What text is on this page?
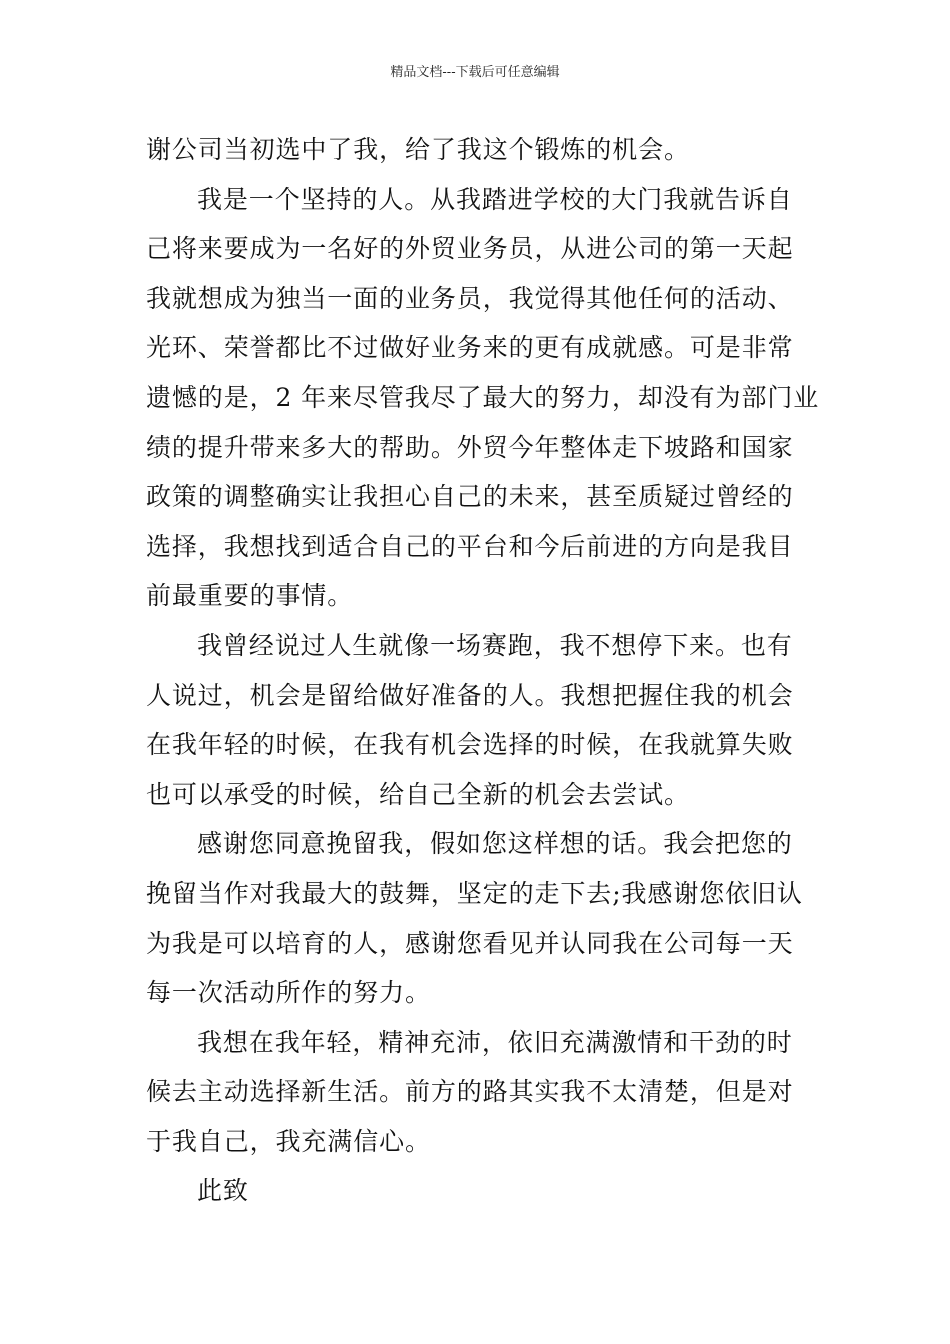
精品文档---下载后可任意编辑
谢公司当初选中了我，给了我这个锻炼的机会。
我是一个坚持的人。从我踏进学校的大门我就告诉自
己将来要成为一名好的外贸业务员，从进公司的第一天起
我就想成为独当一面的业务员，我觉得其他任何的活动、
光环、荣誉都比不过做好业务来的更有成就感。可是非常
遗憾的是，2 年来尽管我尽了最大的努力，却没有为部门业
绩的提升带来多大的帮助。外贸今年整体走下坡路和国家
政策的调整确实让我担心自己的未来，甚至质疑过曾经的
选择，我想找到适合自己的平台和今后前进的方向是我目
前最重要的事情。
我曾经说过人生就像一场赛跑，我不想停下来。也有
人说过，机会是留给做好准备的人。我想把握住我的机会
在我年轻的时候，在我有机会选择的时候，在我就算失败
也可以承受的时候，给自己全新的机会去尝试。
感谢您同意挽留我，假如您这样想的话。我会把您的
挽留当作对我最大的鼓舞，坚定的走下去;我感谢您依旧认
为我是可以培育的人，感谢您看见并认同我在公司每一天
每一次活动所作的努力。
我想在我年轻，精神充沛，依旧充满激情和干劲的时
候去主动选择新生活。前方的路其实我不太清楚，但是对
于我自己，我充满信心。
此致
